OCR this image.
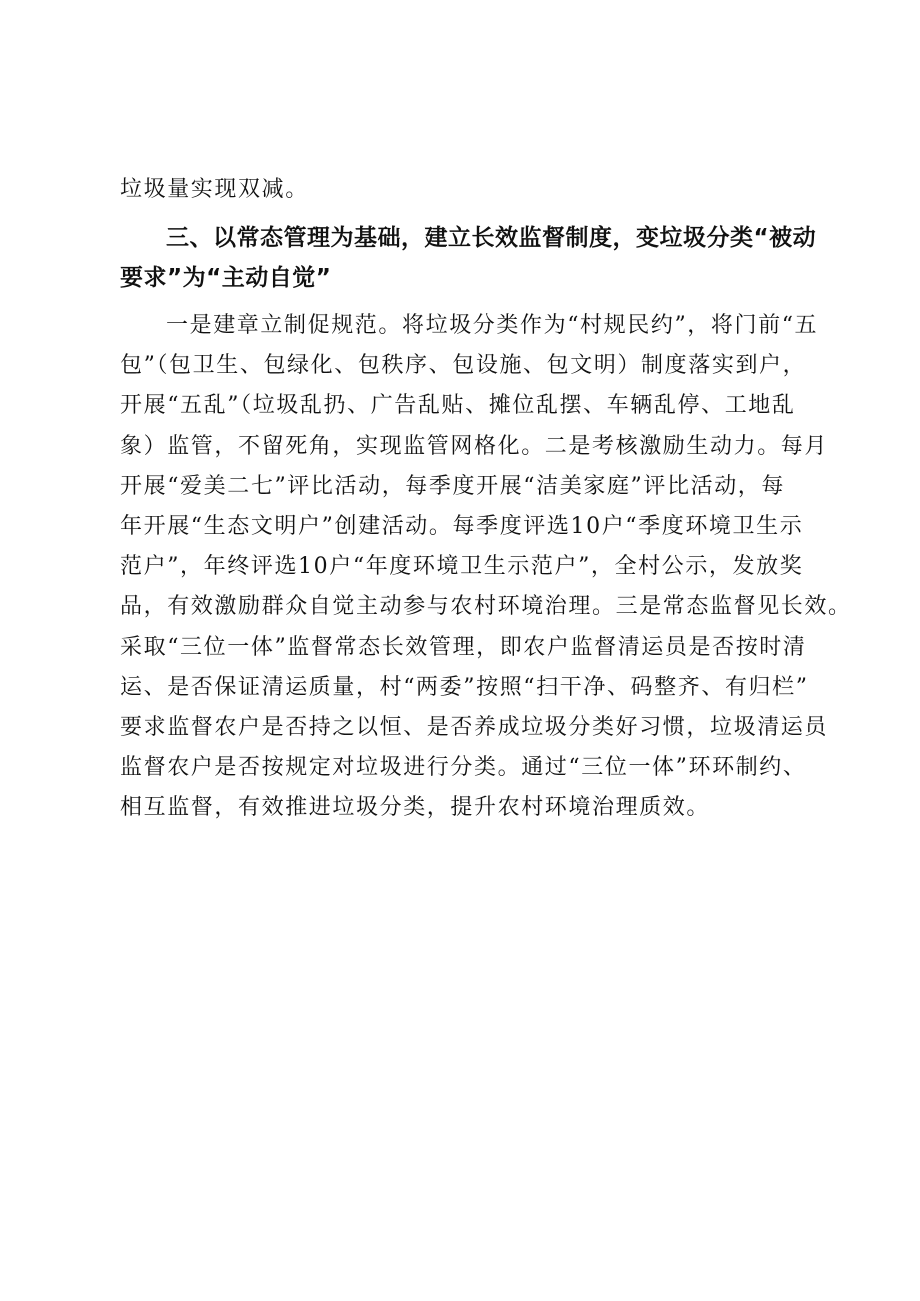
垃圾量实现双减。
三、以常态管理为基础，建立长效监督制度，变垃圾分类“被动
要求”为“主动自觉”
一是建章立制促规范。将垃圾分类作为“村规民约”，将门前“五
包”（包卫生、包绿化、包秩序、包设施、包文明）制度落实到户，
开展“五乱”（垃圾乱扔、广告乱贴、摊位乱摆、车辆乱停、工地乱
象）监管，不留死角，实现监管网格化。二是考核激励生动力。每月
开展“爱美二七”评比活动，每季度开展“洁美家庭”评比活动，每
年开展“生态文明户”创建活动。每季度评选10户“季度环境卫生示
范户”，年终评选10户“年度环境卫生示范户”，全村公示，发放奖
品，有效激励群众自觉主动参与农村环境治理。三是常态监督见长效。
采取“三位一体”监督常态长效管理，即农户监督清运员是否按时清
运、是否保证清运质量，村“两委”按照“扫干净、码整齐、有归栏”
要求监督农户是否持之以恒、是否养成垃圾分类好习惯，垃圾清运员
监督农户是否按规定对垃圾进行分类。通过“三位一体”环环制约、
相互监督，有效推进垃圾分类，提升农村环境治理质效。
